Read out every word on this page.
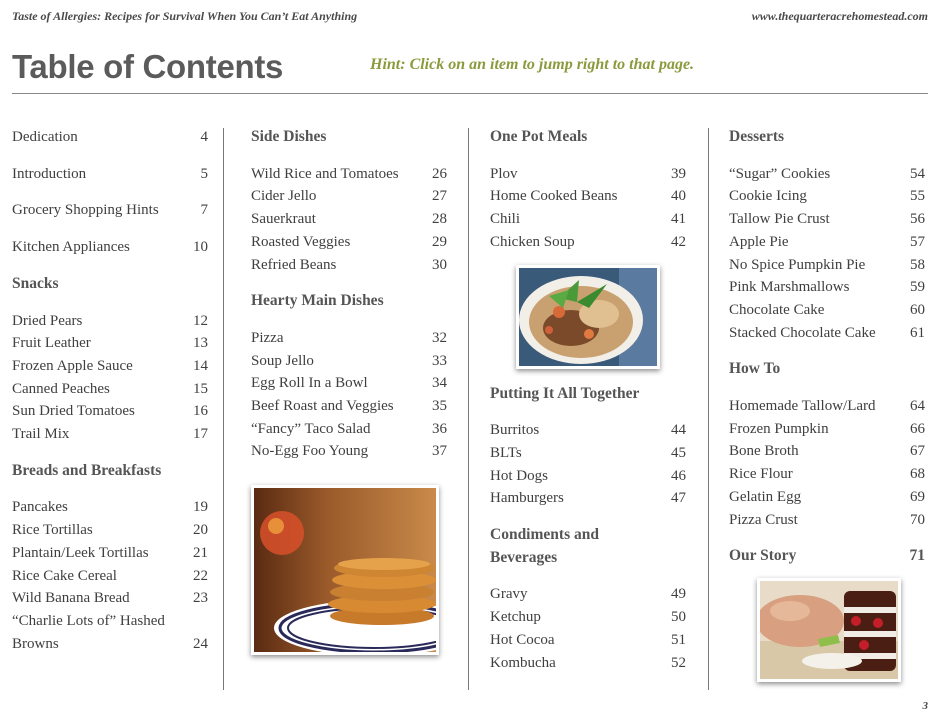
Taste of Allergies: Recipes for Survival When You Can’t Eat Anything	www.thequarteracrehomestead.com
Table of Contents	Hint: Click on an item to jump right to that page.
Dedication	4
Introduction	5
Grocery Shopping Hints	7
Kitchen Appliances	10
Snacks
Dried Pears	12
Fruit Leather	13
Frozen Apple Sauce	14
Canned Peaches	15
Sun Dried Tomatoes	16
Trail Mix	17
Breads and Breakfasts
Pancakes	19
Rice Tortillas	20
Plantain/Leek Tortillas	21
Rice Cake Cereal	22
Wild Banana Bread	23
“Charlie Lots of” Hashed Browns	24
Side Dishes
Wild Rice and Tomatoes	26
Cider Jello	27
Sauerkraut	28
Roasted Veggies	29
Refried Beans	30
Hearty Main Dishes
Pizza	32
Soup Jello	33
Egg Roll In a Bowl	34
Beef Roast and Veggies	35
“Fancy” Taco Salad	36
No-Egg Foo Young	37
One Pot Meals
Plov	39
Home Cooked Beans	40
Chili	41
Chicken Soup	42
Putting It All Together
Burritos	44
BLTs	45
Hot Dogs	46
Hamburgers	47
Condiments and Beverages
Gravy	49
Ketchup	50
Hot Cocoa	51
Kombucha	52
Desserts
“Sugar” Cookies	54
Cookie Icing	55
Tallow Pie Crust	56
Apple Pie	57
No Spice Pumpkin Pie	58
Pink Marshmallows	59
Chocolate Cake	60
Stacked Chocolate Cake	61
How To
Homemade Tallow/Lard	64
Frozen Pumpkin	66
Bone Broth	67
Rice Flour	68
Gelatin Egg	69
Pizza Crust	70
Our Story	71
3
